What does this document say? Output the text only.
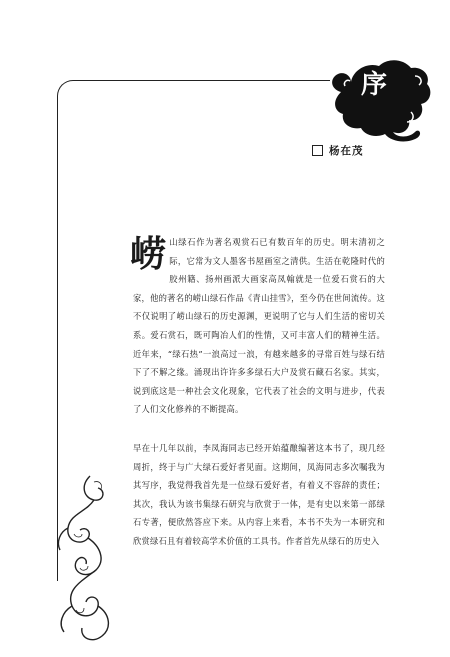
序
杨在茂
崂 山绿石作为著名观赏石已有数百年的历史。明末清初之际，它常为文人墨客书屋画室之清供。生活在乾隆时代的胶州籍、扬州画派大画家高凤翰就是一位爱石赏石的大家，他的著名的崂山绿石作品《青山挂雪》，至今仍在世间流传。这不仅说明了崂山绿石的历史源渊，更说明了它与人们生活的密切关系。爱石赏石，既可陶冶人们的性情，又可丰富人们的精神生活。近年来，“绿石热”一浪高过一浪，有越来越多的寻常百姓与绿石结下了不解之缘。涌现出许许多多绿石大户及赏石藏石名家。其实，说到底这是一种社会文化现象，它代表了社会的文明与进步，代表了人们文化修养的不断提高。
早在十几年以前，李凤海同志已经开始蕴酿编著这本书了，现几经周折，终于与广大绿石爱好者见面。这期间，凤海同志多次嘱我为其写序，我觉得我首先是一位绿石爱好者，有着义不容辞的责任；其次，我认为该书集绿石研究与欣赏于一体，是有史以来第一部绿石专著，便欣然答应下来。从内容上来看，本书不失为一本研究和欣赏绿石且有着较高学术价值的工具书。作者首先从绿石的历史入
